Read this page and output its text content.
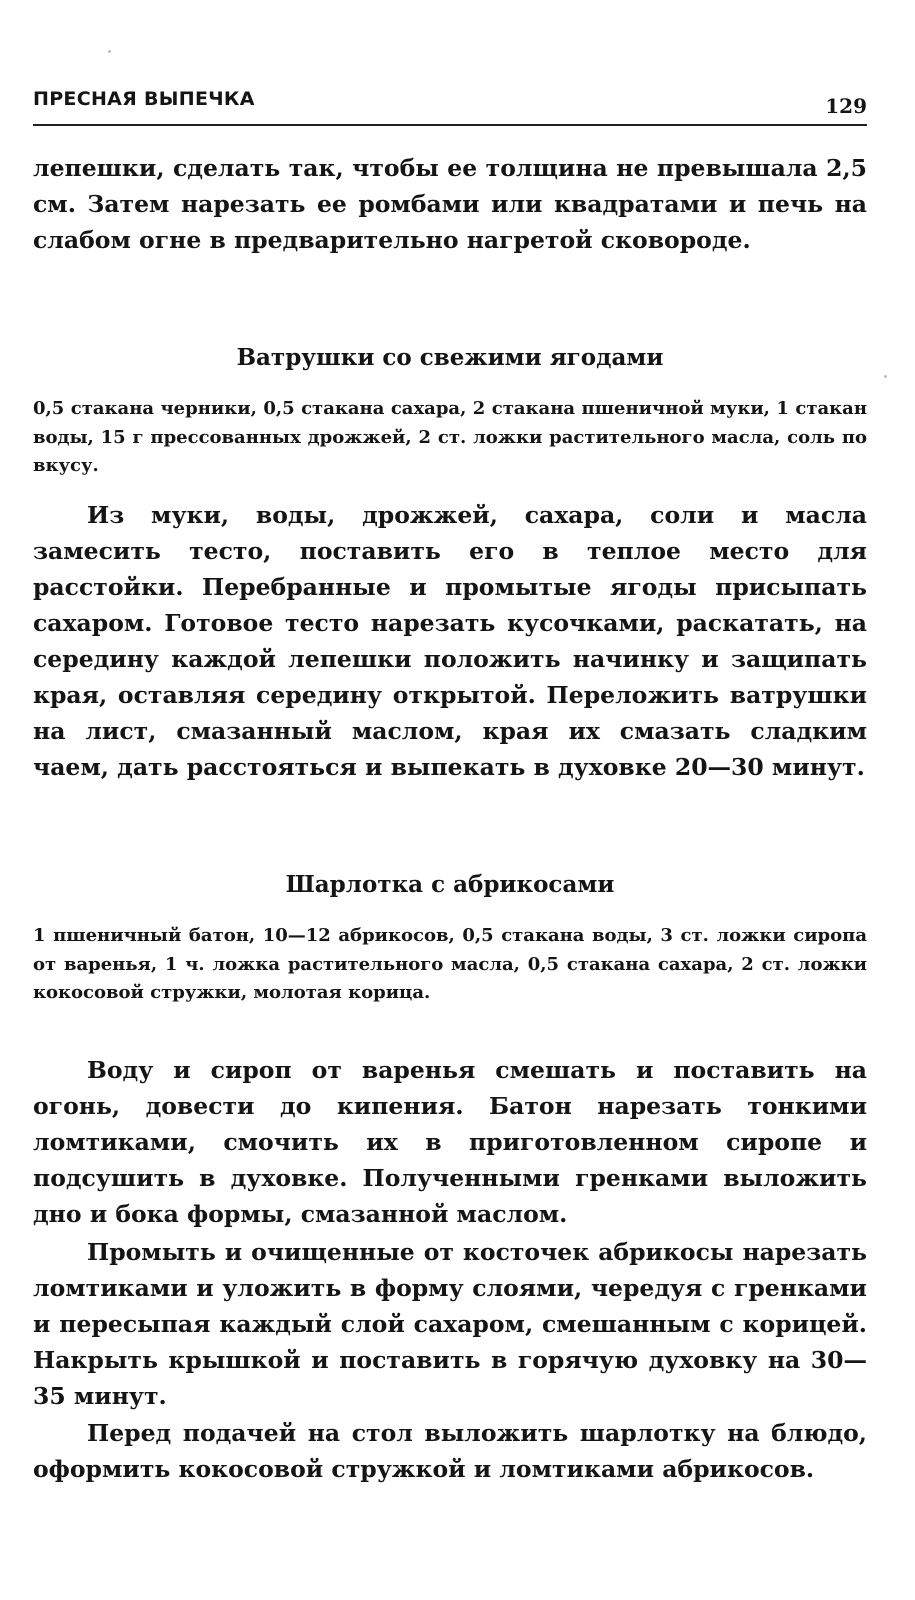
ПРЕСНАЯ ВЫПЕЧКА	129

лепешки, сделать так, чтобы ее толщина не превышала 2,5 см. Затем нарезать ее ромбами или квадратами и печь на слабом огне в предварительно нагретой сковороде.

Ватрушки со свежими ягодами

0,5 стакана черники, 0,5 стакана сахара, 2 стакана пшеничной муки, 1 стакан воды, 15 г прессованных дрожжей, 2 ст. ложки растительного масла, соль по вкусу.

Из муки, воды, дрожжей, сахара, соли и масла замесить тесто, поставить его в теплое место для расстойки. Перебранные и промытые ягоды присыпать сахаром. Готовое тесто нарезать кусочками, раскатать, на середину каждой лепешки положить начинку и защипать края, оставляя середину открытой. Переложить ватрушки на лист, смазанный маслом, края их смазать сладким чаем, дать расстояться и выпекать в духовке 20—30 минут.

Шарлотка с абрикосами

1 пшеничный батон, 10—12 абрикосов, 0,5 стакана воды, 3 ст. ложки сиропа от варенья, 1 ч. ложка растительного масла, 0,5 стакана сахара, 2 ст. ложки кокосовой стружки, молотая корица.

Воду и сироп от варенья смешать и поставить на огонь, довести до кипения. Батон нарезать тонкими ломтиками, смочить их в приготовленном сиропе и подсушить в духовке. Полученными гренками выложить дно и бока формы, смазанной маслом.

Промыть и очищенные от косточек абрикосы нарезать ломтиками и уложить в форму слоями, чередуя с гренками и пересыпая каждый слой сахаром, смешанным с корицей. Накрыть крышкой и поставить в горячую духовку на 30—35 минут.

Перед подачей на стол выложить шарлотку на блюдо, оформить кокосовой стружкой и ломтиками абрикосов.
